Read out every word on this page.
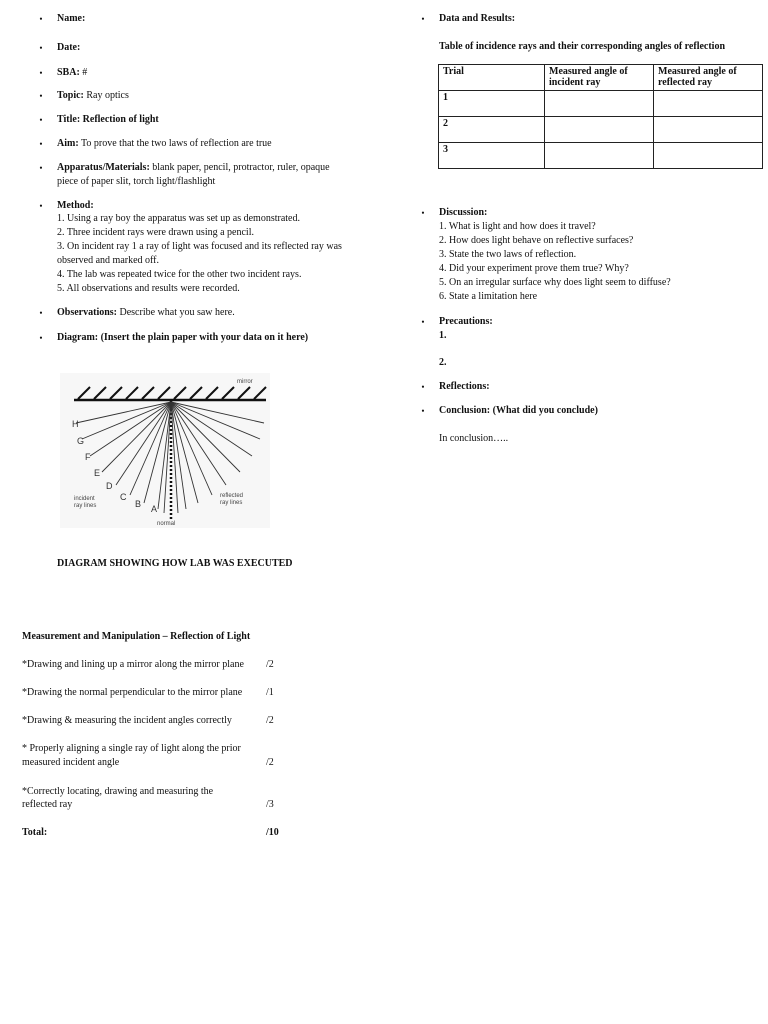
•	Name:
•	Date:
•	SBA: #
•	Topic: Ray optics
•	Title: Reflection of light
•	Aim: To prove that the two laws of reflection are true
•	Apparatus/Materials: blank paper, pencil, protractor, ruler, opaque
piece of paper slit, torch light/flashlight
•	Method:
1. Using a ray boy the apparatus was set up as demonstrated.
2. Three incident rays were drawn using a pencil.
3. On incident ray 1 a ray of light was focused and its reflected ray was
observed and marked off.
4. The lab was repeated twice for the other two incident rays.
5. All observations and results were recorded.
•	Observations: Describe what you saw here.
•	Diagram: (Insert the plain paper with your data on it here)
mirror
H
G
F
E
D
C
B A
incident
ray lines
reflected
ray lines
normal
DIAGRAM SHOWING HOW LAB WAS EXECUTED
Measurement and Manipulation – Reflection of Light
*Drawing and lining up a mirror along the mirror plane /2
*Drawing the normal perpendicular to the mirror plane /1
*Drawing & measuring the incident angles correctly	/2
* Properly aligning a single ray of light along the prior
measured incident angle	/2
*Correctly locating, drawing and measuring the
reflected ray	/3
Total:	/10
•	Data and Results:
Table of incidence rays and their corresponding angles of reflection
Trial	Measured angle of incident ray	Measured angle of reflected ray
1		
2		
3		
•	Discussion:
1. What is light and how does it travel?
2. How does light behave on reflective surfaces?
3. State the two laws of reflection.
4. Did your experiment prove them true? Why?
5. On an irregular surface why does light seem to diffuse?
6. State a limitation here
•	Precautions:
1.
2.
•	Reflections:
•	Conclusion: (What did you conclude)
In conclusion…..
